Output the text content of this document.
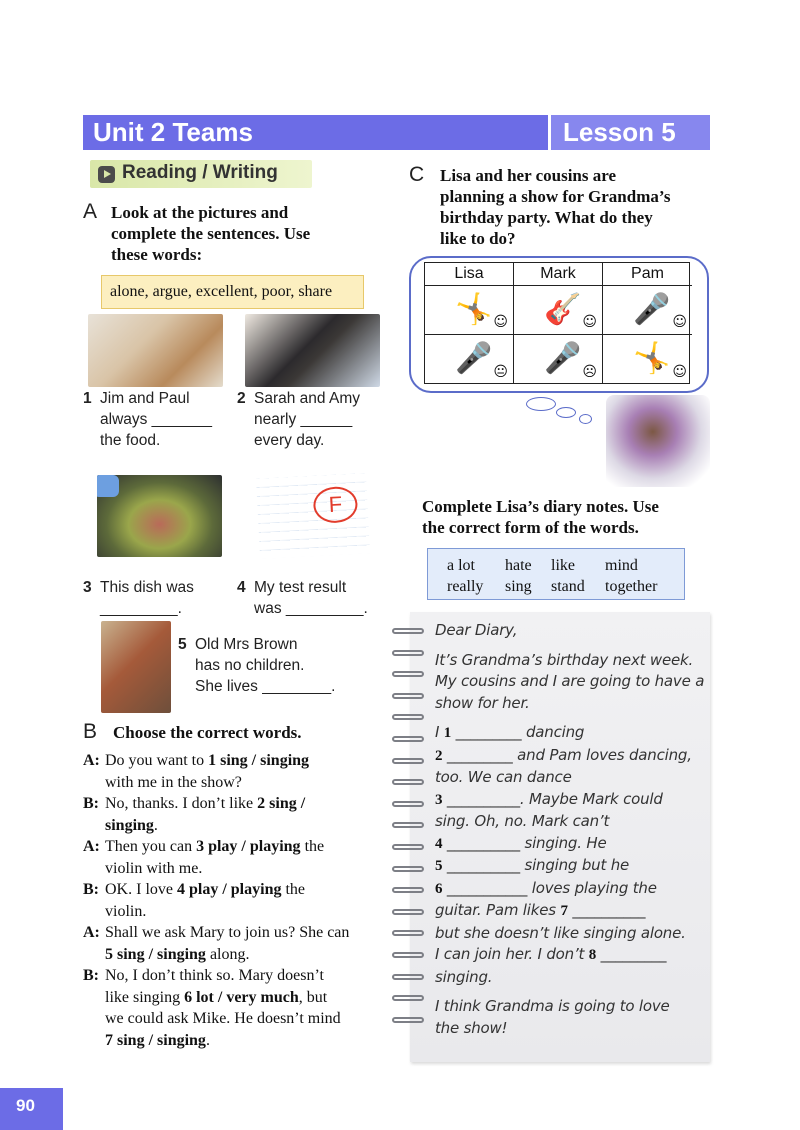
Unit 2 Teams	Lesson 5
Reading / Writing
A Look at the pictures and
complete the sentences. Use
these words:
alone, argue, excellent, poor, share
1 Jim and Paul
always _______
the food.
2 Sarah and Amy
nearly ______
every day.
F
3 This dish was
_________.
4 My test result
was _________.
5 Old Mrs Brown
has no children.
She lives ________.
B Choose the correct words.
A: Do you want to 1 sing / singing
with me in the show?
B: No, thanks. I don’t like 2 sing /
singing.
A: Then you can 3 play / playing the
violin with me.
B: OK. I love 4 play / playing the
violin.
A: Shall we ask Mary to join us? She can
5 sing / singing along.
B: No, I don’t think so. Mary doesn’t
like singing 6 lot / very much, but
we could ask Mike. He doesn’t mind
7 sing / singing.
C Lisa and her cousins are
planning a show for Grandma’s
birthday party. What do they
like to do?
Lisa	Mark	Pam
🤸 ☺ 🎸 ☺ 🎤 ☺
🎤 😐 🎤 ☹ 🤸 ☺
Complete Lisa’s diary notes. Use
the correct form of the words.
a lot hate like mind
really sing stand together
Dear Diary,
It’s Grandma’s birthday next week.
My cousins and I are going to have a
show for her.
I 1 _________ dancing
2 _________ and Pam loves dancing,
too. We can dance
3 __________. Maybe Mark could
sing. Oh, no. Mark can’t
4 __________ singing. He
5 __________ singing but he
6 ___________ loves playing the
guitar. Pam likes 7 __________
but she doesn’t like singing alone.
I can join her. I don’t 8 _________
singing.
I think Grandma is going to love
the show!
90
